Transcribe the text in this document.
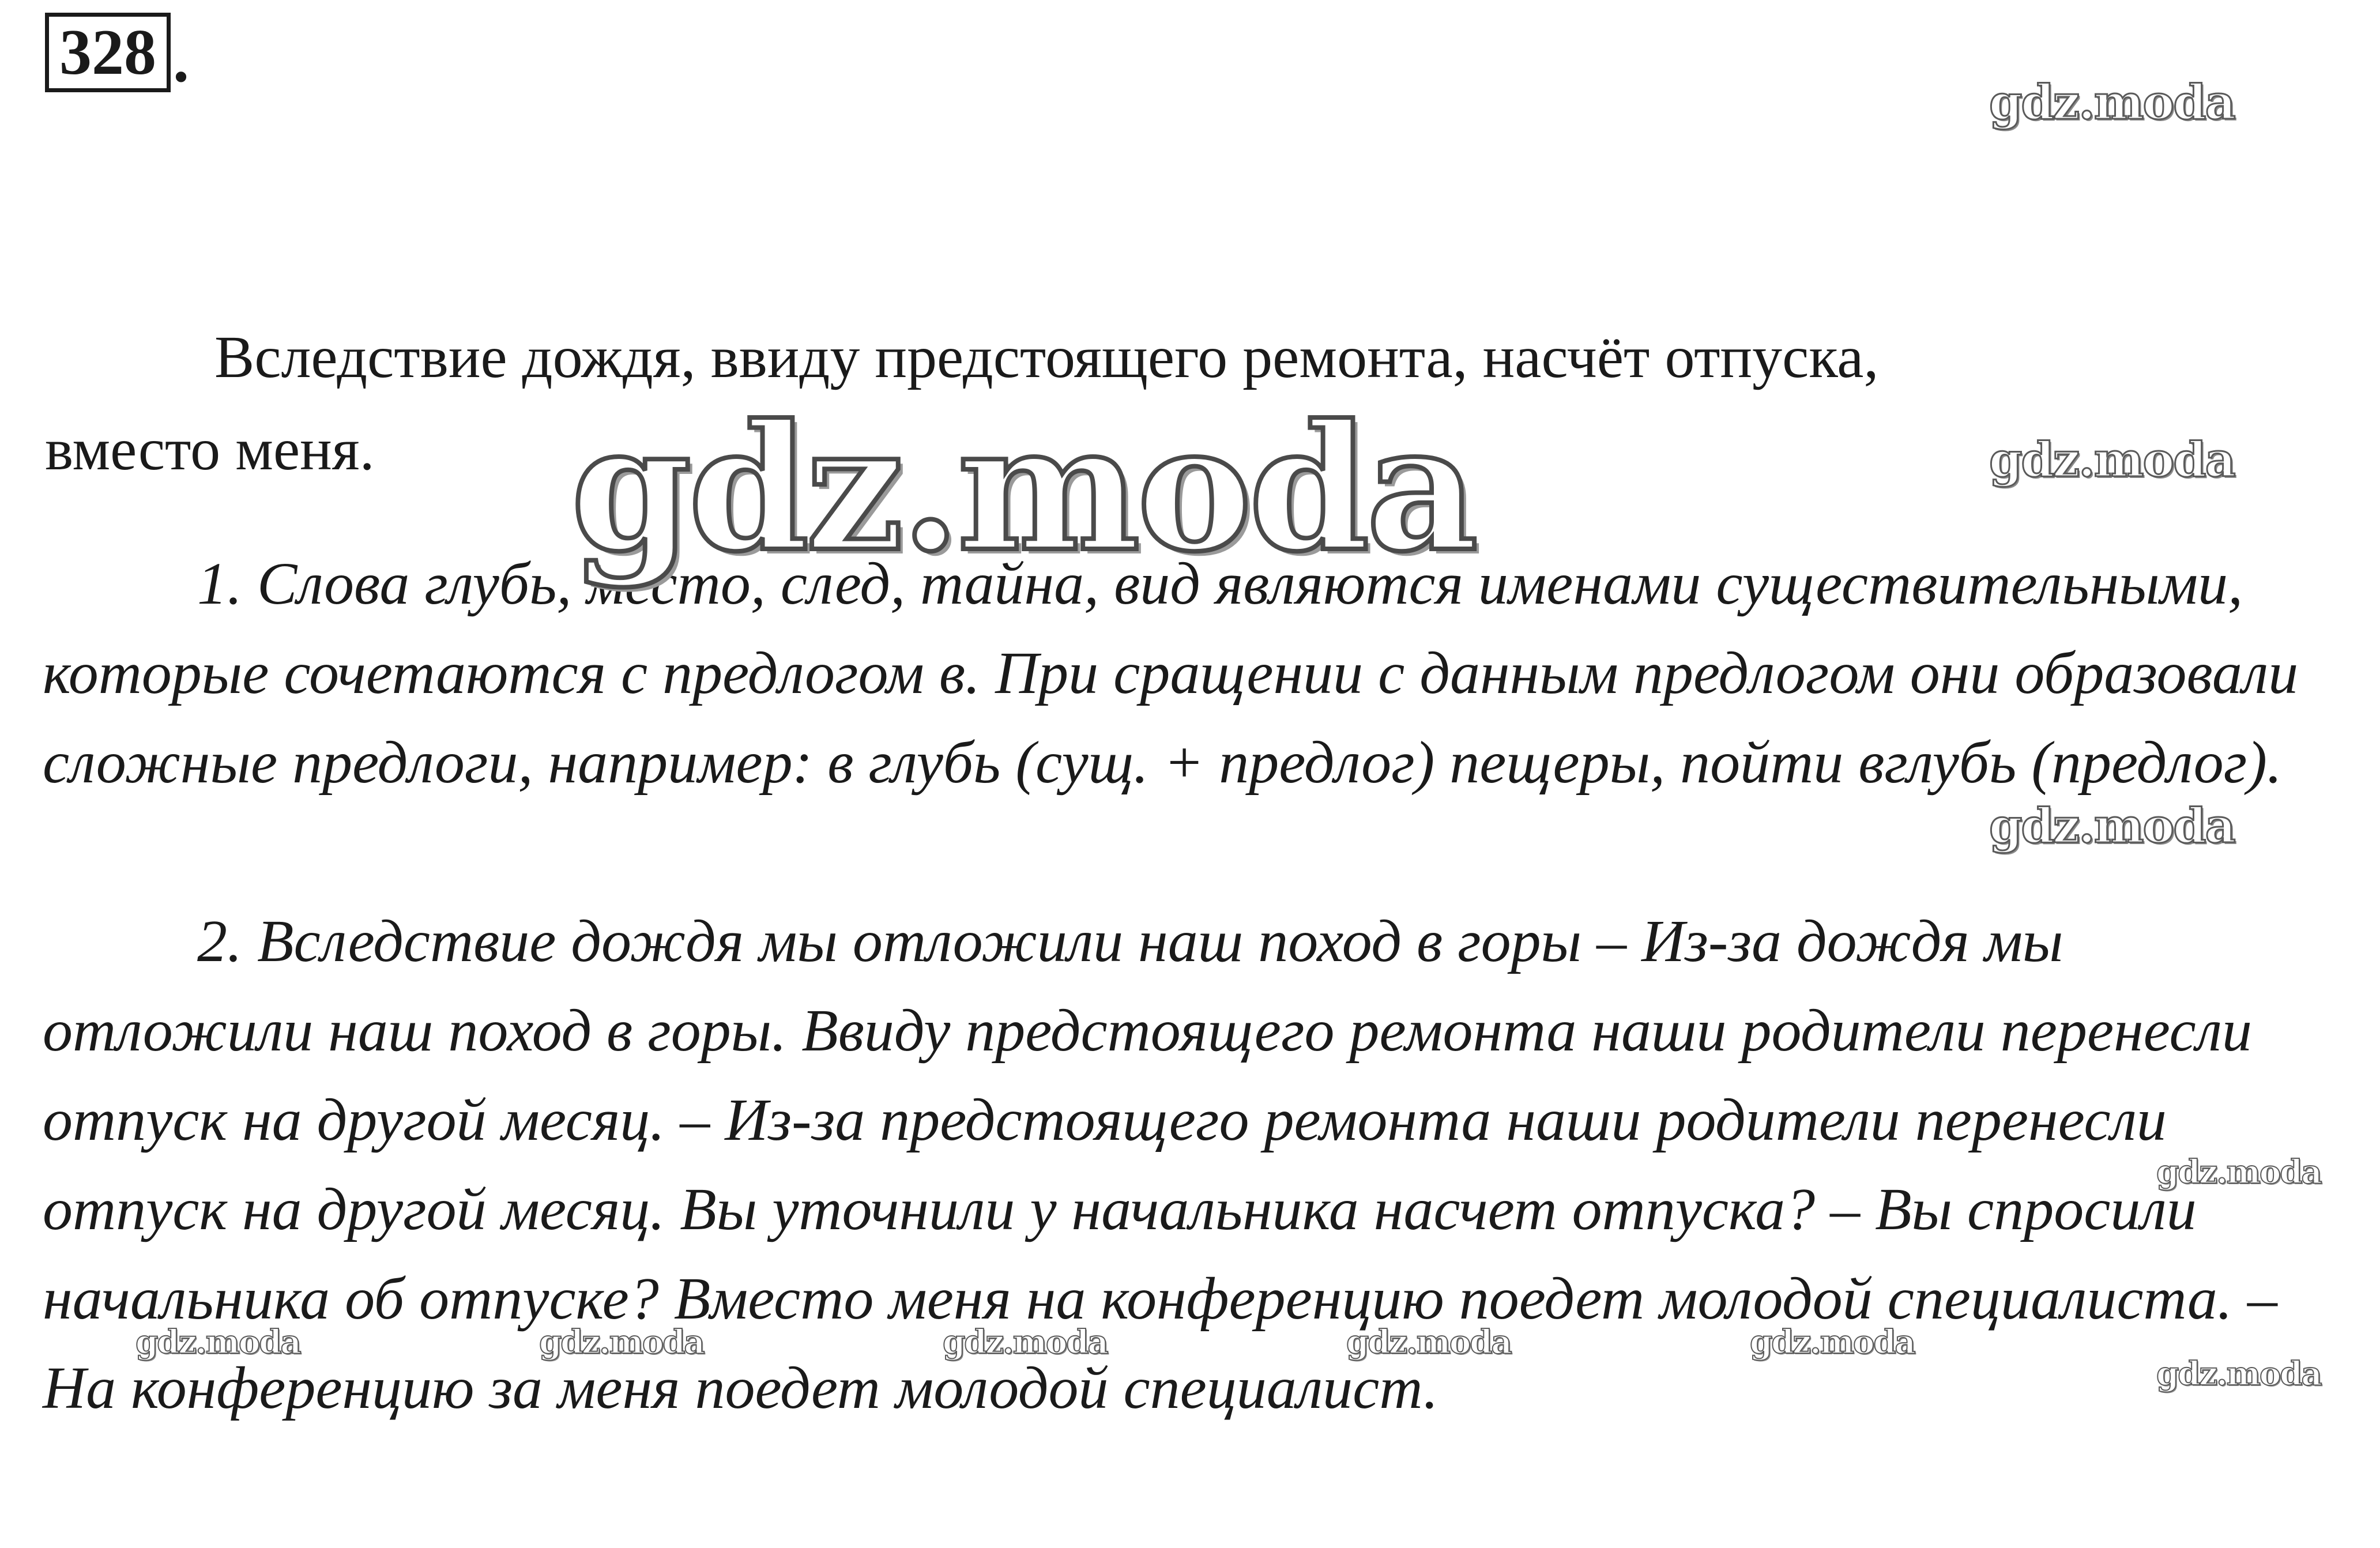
328 .
Вследствие дождя, ввиду предстоящего ремонта, насчёт отпуска,
вместо меня.

1. Слова глубь, место, след, тайна, вид являются именами существительными, которые сочетаются с предлогом в. При сращении с данным предлогом они образовали сложные предлоги, например: в глубь (сущ. + предлог) пещеры, пойти вглубь (предлог).

2. Вследствие дождя мы отложили наш поход в горы – Из-за дождя мы отложили наш поход в горы. Ввиду предстоящего ремонта наши родители перенесли отпуск на другой месяц. – Из-за предстоящего ремонта наши родители перенесли отпуск на другой месяц. Вы уточнили у начальника насчет отпуска? – Вы спросили начальника об отпуске? Вместо меня на конференцию поедет молодой специалиста. – На конференцию за меня поедет молодой специалист.

gdz.moda
gdz.moda	gdz.moda
gdz.moda
gdz.moda
gdz.moda	gdz.moda	gdz.moda	gdz.moda	gdz.moda
gdz.moda
